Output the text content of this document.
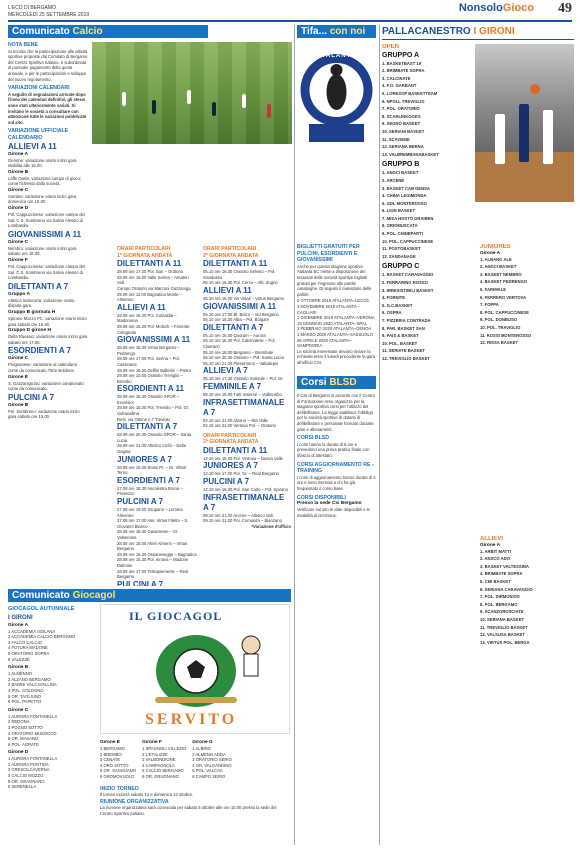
L'ECO DI BERGAMO
MERCOLEDÌ 25 SETTEMBRE 2019
NonsoloGioco 49
Comunicato Calcio
NOTA BENE

Si ricorda che la partecipazione alle attività sportive proposte dal Comitato di Bergamo del Centro Sportivo Italiano, è subordinata al puntuale pagamento della quota annuale, e per le partecipazioni e sviluppo del nuovo regolamento.

VARIAZIONI CALENDARI

A seguito di segnalazioni arrivate dopo l'invio dei calendari definitivi, gli stessi sono stati ulteriormente variati. Si invitano le società a consultare con attenzione tutte le variazioni pubblicate sul sito.

VARIAZIONE UFFICIALE CALENDARIO
ALLIEVI A 11
Girone A

Gemme: variazione orario inizio gara stabilita alle 15.00.

Girone B

Leffe Oasis: variazione campo di gioco; come richiesto dalla società.

Girone C

Sombre: variazione orario inizio gara domenica ore 10.30.

Girone D

Pol. Cappuccinese: variazione campo del Sal. C.S. Sombreno via Salvio Alessio di Lombardia.

GIOVANISSIMI A 11
Girone C

Nembro: variazione orario inizio gara sabato ore 16.30.

Girone F

Pol. Cappuccinese: variazione campo del Sal. C.S. Sombreno via Salvio Alessio di Lombardia.

DILETTANTI A 7
Gruppo A

Atletica Isolacorta: variazione orario disputa gara.

Gruppo B giornata H

Spirano Mozzo FC: variazione orario inizio gara sabato ore 16.30.

Gruppo D girone H

Della Ravasio: variazione orario inizio gara sabato ore 17.00.

ESORDIENTI A 7
Girone C

Pregnanese: variazione al calendario come da comunicato Torre Boldone.

Girone E

S. Gazzaniga Bu: variazione campionato come da comunicato.

PULCINI A 7
Girone B

Pol. Sombreno: variazione orario inizio gara sabato ore 15.00.

ORARI PARTICOLARI
1ª GIORNATA ANDATA
DILETTANTI A 11
28.09 ore 17.00 Pol. San – Oratorio
28.09 ore 18.00 Valle Serina – Amatori Vall.
Campo Oratorio via Marconi Gazzaniga
29.09 ore 11.00 Bagnatica Monte – Almenno
ALLIEVI A 11
28.09 ore 16.30 Pol. Colzaldia – Madonnina
28.09 ore 15.30 Pol. Moloch – Fiorente Colognola
GIOVANISSIMI A 11
28.09 ore 15.30 Virtus Bergamo – Pedrengo
28.09 ore 17.00 Pol. Serina – Pol. Cassinone
28.09 ore 16.00 Delfini Ballerini – Pietra
29.09 ore 10.00 Oratorio Treviglio – Brembo
ESORDIENTI A 11
28.09 ore 15.30 Oratorio SPOR – Excelsior
28.09 ore 15.00 Pol. Treviolo – Pol. Gr. Valcavallina
Rest. via Ottone n.7 Treviolo
DILETTANTI A 7
28.09 ore 20.30 Oratorio SPOR – Santa Lucia
28.09 ore 21.00 Atletico Ciribi – Della Gagina
JUNIORES A 7
28.09 ore 15.00 Rossi Pr. – Gr. Vittori Terno
ESORDIENTI A 7
27.09 ore 18.30 Ascolestra Bruna – Presezzo
PULCINI A 7
27.09 ore 19.00 Ssopano – Lemma Almenno
27.09 ore 17.00 Ass. Virtus Filetto – S. Giovanni Bianco
28.09 ore 16.30 Gavarnese – Gr. Valseriana
28.09 ore 15.00 Almé Almenn – Virtus Bergamo
28.09 ore 15.30 Ossanesegge – Bagnatica
28.09 ore 15.30 Pol. Innova – Madone Dalmine
28.09 ore 17.00 Tertiapiemerse – Real Bergamo
PULCINI A 7
ORARI PARTICOLARI
2ª GIORNATA ANDATA
DILETTANTI A 11
05.10 ore 16.30 Oratorio Selvino – Pol. Gandosso
05.10 ore 16.30 Pol. Cervo – Alb. Zogno
ALLIEVI A 11
05.10 ore 16.00 Vis Vidali – Virtus Bergamo
GIOVANISSIMI A 11
05.10 ore 17.00 Bl. Belco – Vid Bergamo
05.10 ore 15.30 Alba – Pol. Bolgare
DILETTANTI A 7
05.10 ore 15.00 Quorum – Aurora
05.10 ore 16.30 Pol. Calcinatese – Pol. Ciserano
05.10 ore 18.00 Bergamo – Brembate
05.10 ore 20.30 Oratorio – Pol. Santa Lucia
05.10 ore 21.00 Flessimenti – Valcalepio
ALLIEVI A 7
05.10 ore 17.30 Oratorio Sorisole – Pol. Gr.
FEMMINILE A 7
05.10 ore 16.00 Tutti Insieme – Valbrembo
INFRASETTIMANALE A 7
02.10 ore 21.00 Alzano – Alta Valle
02.10 ore 21.00 Vertova Pol. – Oratorio
ORARI PARTICOLARI
3ª GIORNATA ANDATA
DILETTANTI A 11
12.10 ore 16.30 Pol. Vertova – Nuova Valle
JUNIORES A 7
12.10 ore 17.00 Pol. Gr. – Real Bergamo
PULCINI A 7
12.10 ore 16.30 Pol. San Carlo – Pol. Spirano
INFRASETTIMANALE A 7
09.10 ore 21.00 Arcene – Atletico Vall.
09.10 ore 21.00 Pol. Comunità – Bianzano
*Variazione d'ufficio
Comunicato Giocagol
GIOCAGOL AUTUNNALE
I GIRONI
Girone A
1 ACCADEMIA ISOLANA
2 ACCADEMIA CALCIO BERGAMO
3 FALCO CALCIO
4 FUTURA MADONE
5 ORATORIO SOPRA
6 VALEZZE
Girone B
1 ALMENNO
2 ALZANO BERGAMO
3 BADINI VALCAVALLINA
4 POL. COLOGNO
5 OR. TAGLIUNO
6 POL. PAPETTO
Girone C
1 AURORA FONTANELLA
2 REDONA
3 POGNO SOTTO
4 ORATORIO MUSOCCO
5 OR. MASANO
6 POL. AGRATE
Girone D
1 AURORA FONTANELLA
2 AURORA PONTIDA
3 CRESCILCAVERNA
4 CALCIO MOZZO
5 OR. GRAGNANO
6 SERENELLA
IL GIOCAGOL
SERVITO
Girone E
1 BERGAMO
2 BREMBO
3 CENATE
4 ORO SOTTO
5 OR. SANGUANO
6 GROMOVUOLO
Girone F
1 SPAGNOLI VILLEZIO
2 L'ETALIZZE
3 VALBONDIONE
4 CAMPAGNOLA
5 CALCIO BERGAMO
6 OR. GRUGNANO
Girone G
1 ALBINO
2 ALMENO ADDA
3 ORATORIO SERIO
4 OR. VALGANDINO
5 POL. VALCAV.
6 CAMPO SERIO
INIZIO TORNEO

Il torneo inizierà sabato 12 e domenica 13 ottobre.

RIUNIONE ORGANIZZATIVA

La riunione organizzativa sarà convocata per sabato 5 ottobre alle ore 10.00 presso la sede del Centro Sportivo Italiano.

Tifa... con noi
ATALANTA
1907
BIGLIETTI GRATUITI PER PULCINI, ESORDIENTI E GIOVANISSIMI

Anche per questa stagione sportiva Atalanta BC mette a disposizione dei tesserati delle società sportive biglietti gratuiti per l'ingresso alle partite casalinghe. Di seguito il calendario delle partite.

6 OTTOBRE 2019 ATALANTA–LECCE
3 NOVEMBRE 2019 ATALANTA–CAGLIARI
1 DICEMBRE 2019 ATALANTA–VERONA
19 GENNAIO 2020 ATALANTA–SPAL
2 FEBBRAIO 2020 ATALANTA–GENOA
1 MARZO 2020 ATALANTA–SASSUOLO
26 APRILE 2020 ATALANTA–SAMPDORIA

Le società interessate devono inviare la richiesta entro il lunedì precedente la gara all'ufficio CSI.

Corsi BLSD

Il CSI di Bergamo in accordo con il Centro di Formazione Areu organizza per la stagione sportiva corsi per l'utilizzo del defibrillatore. La legge stabilisce l'obbligo per le società sportive di dotarsi di defibrillatore e personale formato durante gare e allenamenti.

CORSI BLSD

I corsi hanno la durata di 5 ore e prevedono una prova pratica finale con rilascio di attestato.

CORSI AGGIORNAMENTO RE - TRAINING

I corsi di aggiornamento hanno durata di 3 ore e sono riservati a chi ha già frequentato il corso base.

CORSI DISPONIBILI
Presso la sede Csi Bergamo

Verificare sul sito le date disponibili e le modalità di iscrizione.

PALLACANESTRO I GIRONI
OPEN
GRUPPO A
1. BASKETBAST 19
2. BRIMBATE SOPRA
3. CALCINATE
4. F.O. GARBANT
5. LORESOP BASKETTEAM
6. NPOLL TREVIGLIO
7. POL. ORATORIO
8. SCARLINKOOKS
9. SEGNO BASKET
10. SERIANI BASKET
11. SCAVIENE
12. SERIANA BERNA
13. VALBREMBANABASKET
GRUPPO B
1. ANGCI BASKET
2. ARCENE
3. BASKET CAB DENSA
4. CHINA LEGIMONDA
5. GDL MONTEROSSO
6. LION BASKET
7. MISA HOSTO GRAIBEN
8. ORIOMUSCATA
9. POL. CHINEPARTI
10. POL. CAPPUCCINESE
11. POSTOBASKET
12. ZANDANAGE
GRUPPO C
1. BASKET CARAVAGGIO
2. FERRARINO ROSSO
3. IRRESISTIBILI BASKET
4. FORNITE
5. G.C.BASKET
6. OSPRA
7. PIZZERIA CONTRADA
8. PAR. BASKET SAN
9. PAIS & BASKET
10. POL. BASKET
11. SERIATE BASKET
12. TREVIGLIO BASKET
JUNIORES
Girone A
1. ALBANO ALE
2. ANGCI BASKET
3. BASKET NEMBRO
4. BASKET PEDRENGO
5. FARIMALE
6. FERRERO VERTOVA
7. FOPPA
8. POL. CAPPUCCINESE
9. POL. DONBUSO
10. POL. TRAVIGLIO
11. ROSSI MONTEROSSO
12. RISSA BASKET
ALLIEVI
Girone A
1. ARBIT MATTI
2. ANSCO ADO
3. BASKET VALTESSINA
4. BRIMBATE SOPRA
5. CMI BASKET
6. SERIANA CARAVAGGIO
7. POL. DIRMONVIO
8. POL. BERGAMO
9. SCANZOROSCIATE
10. SERIANA BASKET
11. TREVIGLIO BASKET
12. VALSUSA BASKET
13. VIRTUS POL. BERGA
